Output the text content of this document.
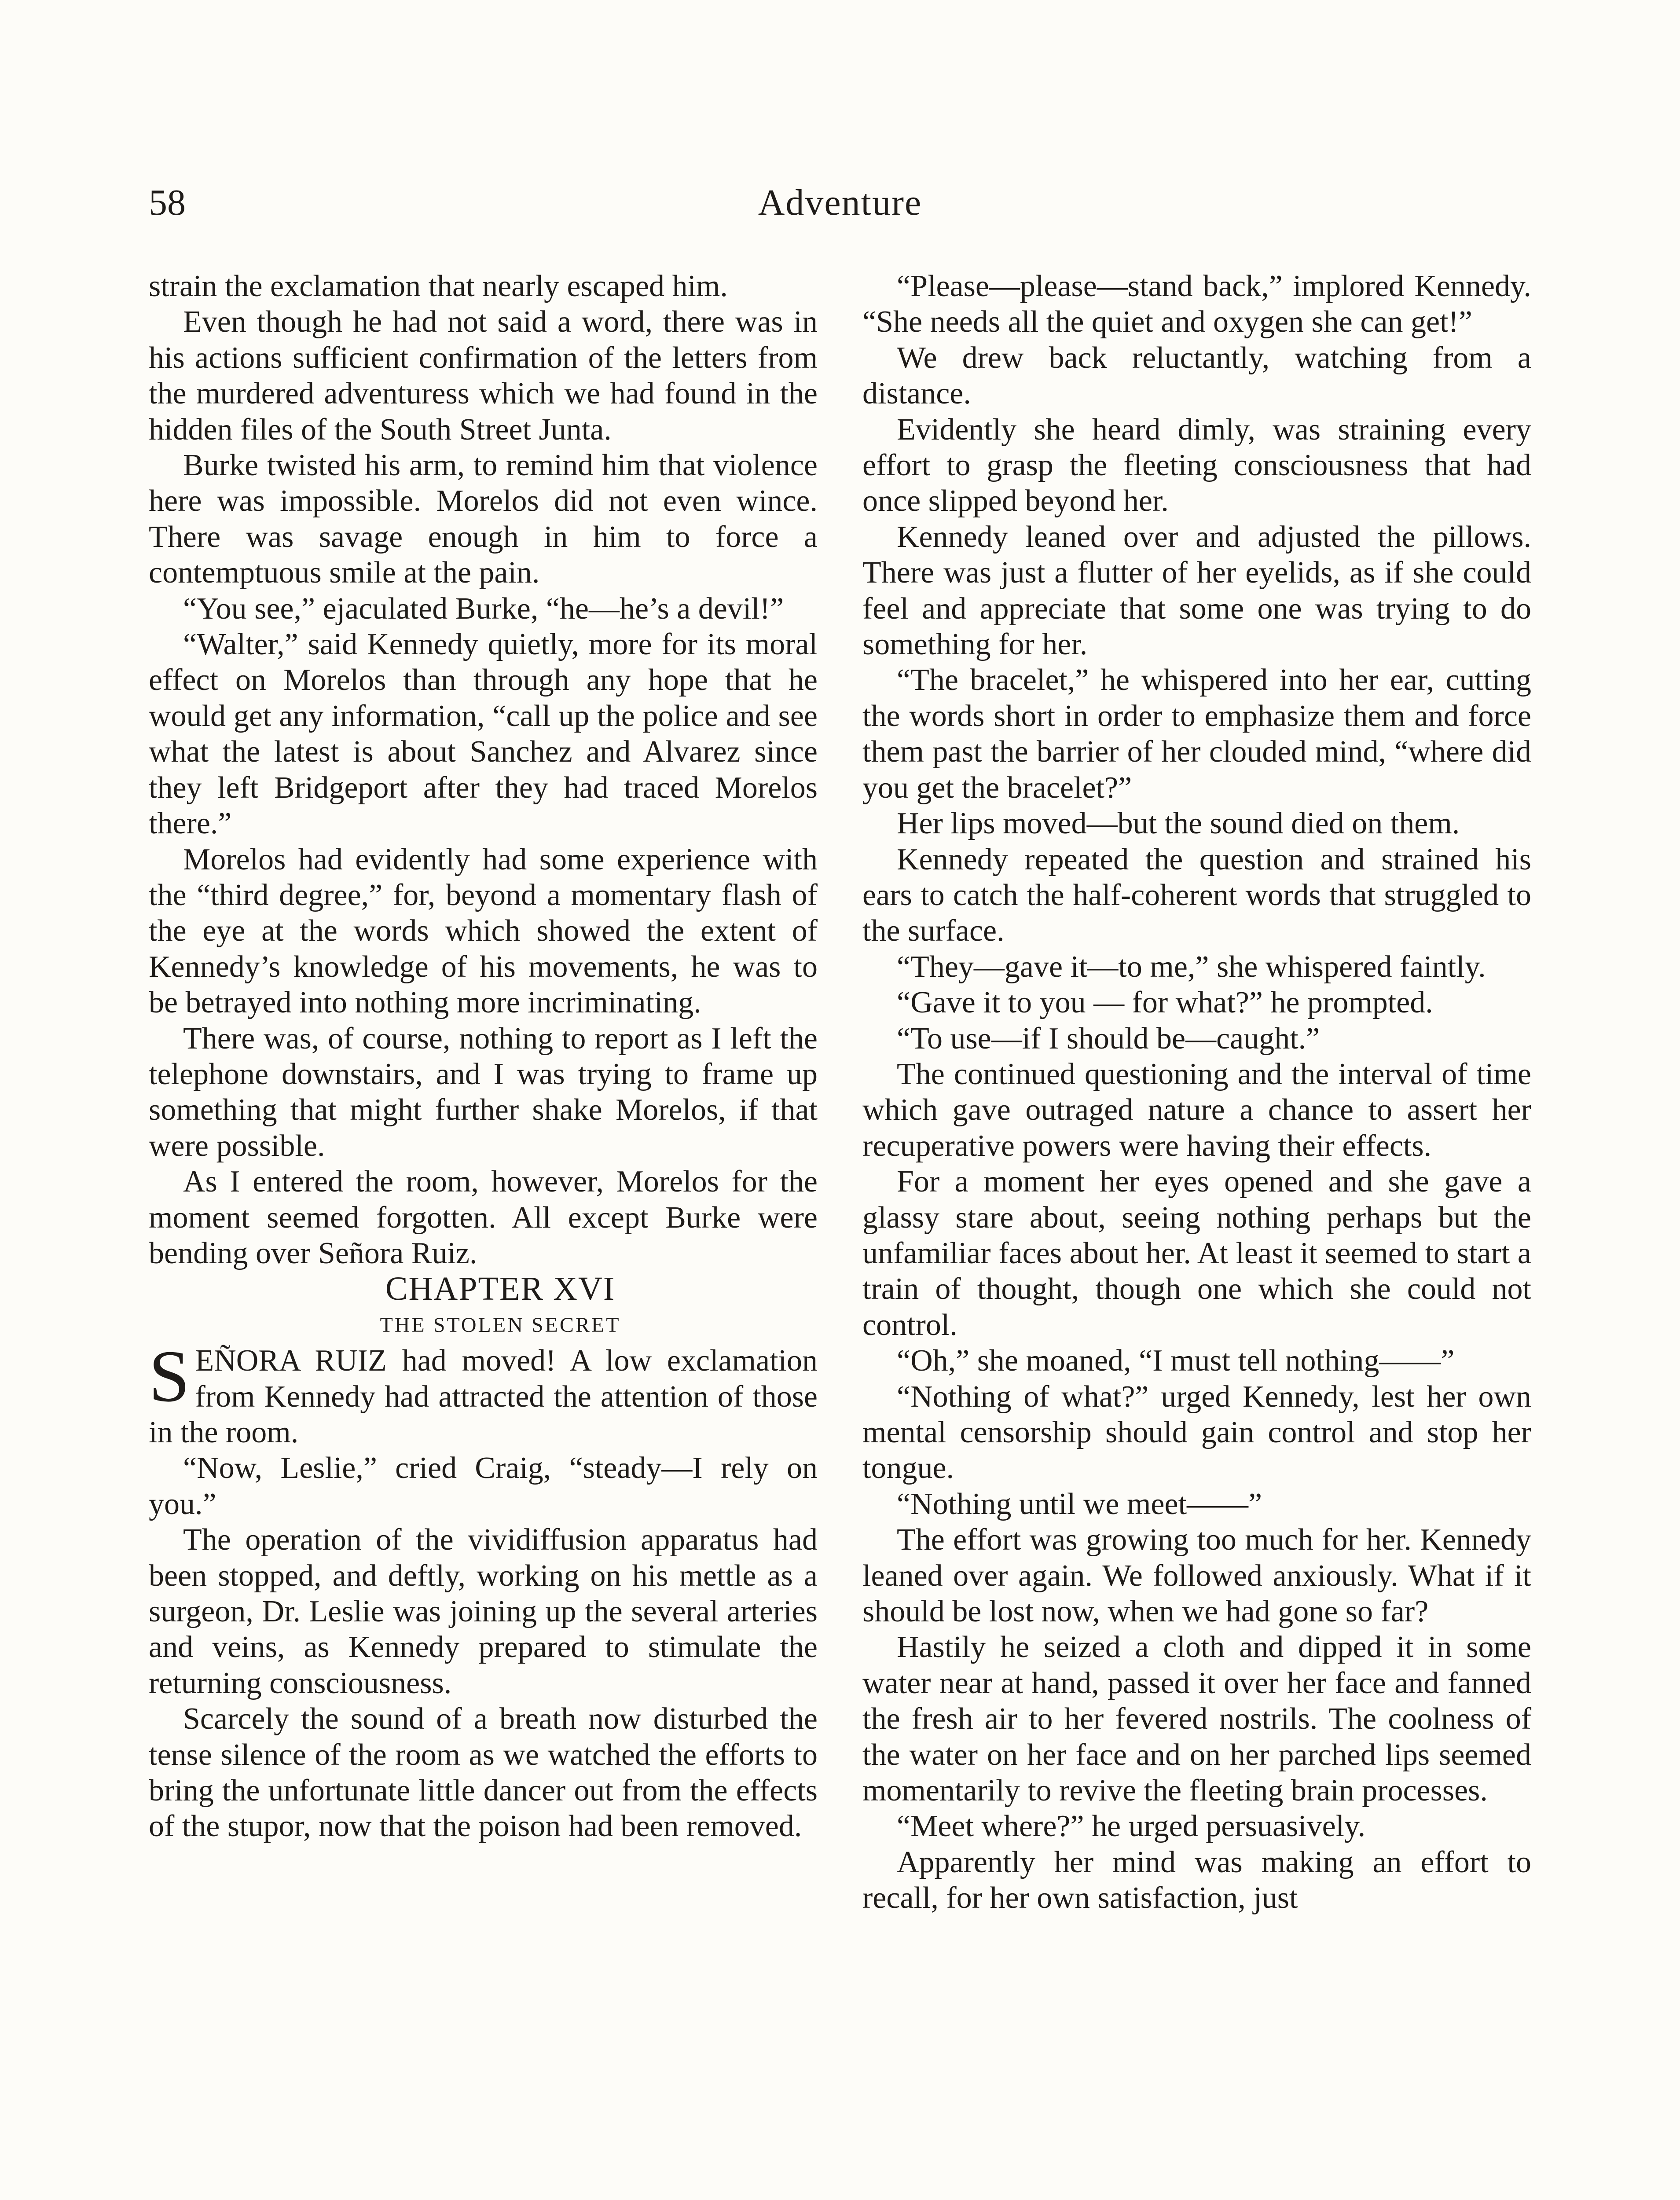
58	Adventure

strain the exclamation that nearly escaped him.

Even though he had not said a word, there was in his actions sufficient confirmation of the letters from the murdered adventuress which we had found in the hidden files of the South Street Junta.

Burke twisted his arm, to remind him that violence here was impossible. Morelos did not even wince. There was savage enough in him to force a contemptuous smile at the pain.

“You see,” ejaculated Burke, “he—he’s a devil!”

“Walter,” said Kennedy quietly, more for its moral effect on Morelos than through any hope that he would get any information, “call up the police and see what the latest is about Sanchez and Alvarez since they left Bridgeport after they had traced Morelos there.”

Morelos had evidently had some experience with the “third degree,” for, beyond a momentary flash of the eye at the words which showed the extent of Kennedy’s knowledge of his movements, he was to be betrayed into nothing more incriminating.

There was, of course, nothing to report as I left the telephone downstairs, and I was trying to frame up something that might further shake Morelos, if that were possible.

As I entered the room, however, Morelos for the moment seemed forgotten. All except Burke were bending over Señora Ruiz.

CHAPTER XVI

THE STOLEN SECRET

SEÑORA RUIZ had moved! A low exclamation from Kennedy had attracted the attention of those in the room.

“Now, Leslie,” cried Craig, “steady—I rely on you.”

The operation of the vividiffusion apparatus had been stopped, and deftly, working on his mettle as a surgeon, Dr. Leslie was joining up the several arteries and veins, as Kennedy prepared to stimulate the returning consciousness.

Scarcely the sound of a breath now disturbed the tense silence of the room as we watched the efforts to bring the unfortunate little dancer out from the effects of the stupor, now that the poison had been removed.

“Please—please—stand back,” implored Kennedy. “She needs all the quiet and oxygen she can get!”

We drew back reluctantly, watching from a distance.

Evidently she heard dimly, was straining every effort to grasp the fleeting consciousness that had once slipped beyond her.

Kennedy leaned over and adjusted the pillows. There was just a flutter of her eyelids, as if she could feel and appreciate that some one was trying to do something for her.

“The bracelet,” he whispered into her ear, cutting the words short in order to emphasize them and force them past the barrier of her clouded mind, “where did you get the bracelet?”

Her lips moved—but the sound died on them.

Kennedy repeated the question and strained his ears to catch the half-coherent words that struggled to the surface.

“They—gave it—to me,” she whispered faintly.

“Gave it to you — for what?” he prompted.

“To use—if I should be—caught.”

The continued questioning and the interval of time which gave outraged nature a chance to assert her recuperative powers were having their effects.

For a moment her eyes opened and she gave a glassy stare about, seeing nothing perhaps but the unfamiliar faces about her. At least it seemed to start a train of thought, though one which she could not control.

“Oh,” she moaned, “I must tell nothing——”

“Nothing of what?” urged Kennedy, lest her own mental censorship should gain control and stop her tongue.

“Nothing until we meet——”

The effort was growing too much for her. Kennedy leaned over again. We followed anxiously. What if it should be lost now, when we had gone so far?

Hastily he seized a cloth and dipped it in some water near at hand, passed it over her face and fanned the fresh air to her fevered nostrils. The coolness of the water on her face and on her parched lips seemed momentarily to revive the fleeting brain processes.

“Meet where?” he urged persuasively.

Apparently her mind was making an effort to recall, for her own satisfaction, just
